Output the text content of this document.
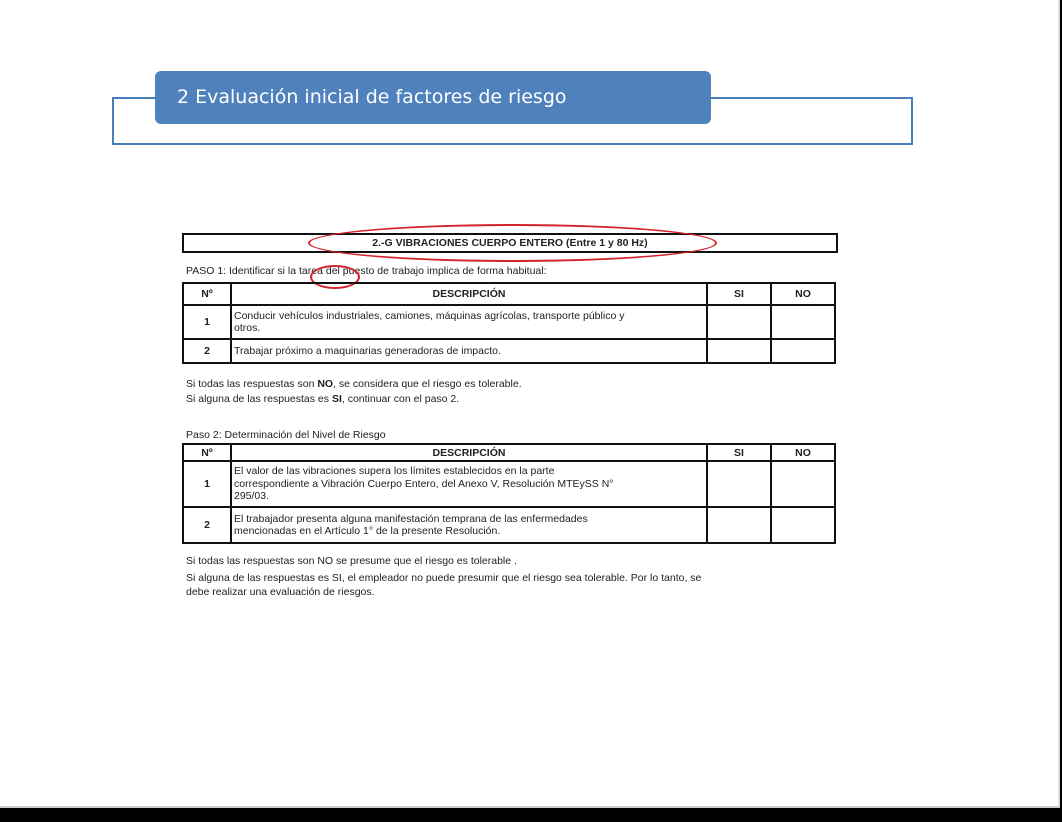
2 Evaluación inicial de factores de riesgo
2.-G VIBRACIONES CUERPO ENTERO (Entre 1 y 80 Hz)
PASO 1: Identificar si la tarea del puesto de trabajo implica de forma habitual:
Nº	DESCRIPCIÓN	SI	NO
1	Conducir vehículos industriales, camiones, máquinas agrícolas, transporte público y
otros.		

2	Trabajar próximo a maquinarias generadoras de impacto.		
Si todas las respuestas son NO, se considera que el riesgo es tolerable.
Si alguna de las respuestas es SI, continuar con el paso 2.
Paso 2: Determinación del Nivel de Riesgo
Nº	DESCRIPCIÓN	SI	NO
1	El valor de las vibraciones supera los límites establecidos en la parte
correspondiente a Vibración Cuerpo Entero, del Anexo V, Resolución MTEySS N°
295/03.		

2	El trabajador presenta alguna manifestación temprana de las enfermedades
mencionadas en el Artículo 1° de la presente Resolución.		

Si todas las respuestas son NO se presume que el riesgo es tolerable .
Si alguna de las respuestas es SI, el empleador no puede presumir que el riesgo sea tolerable. Por lo tanto, se
debe realizar una evaluación de riesgos.
